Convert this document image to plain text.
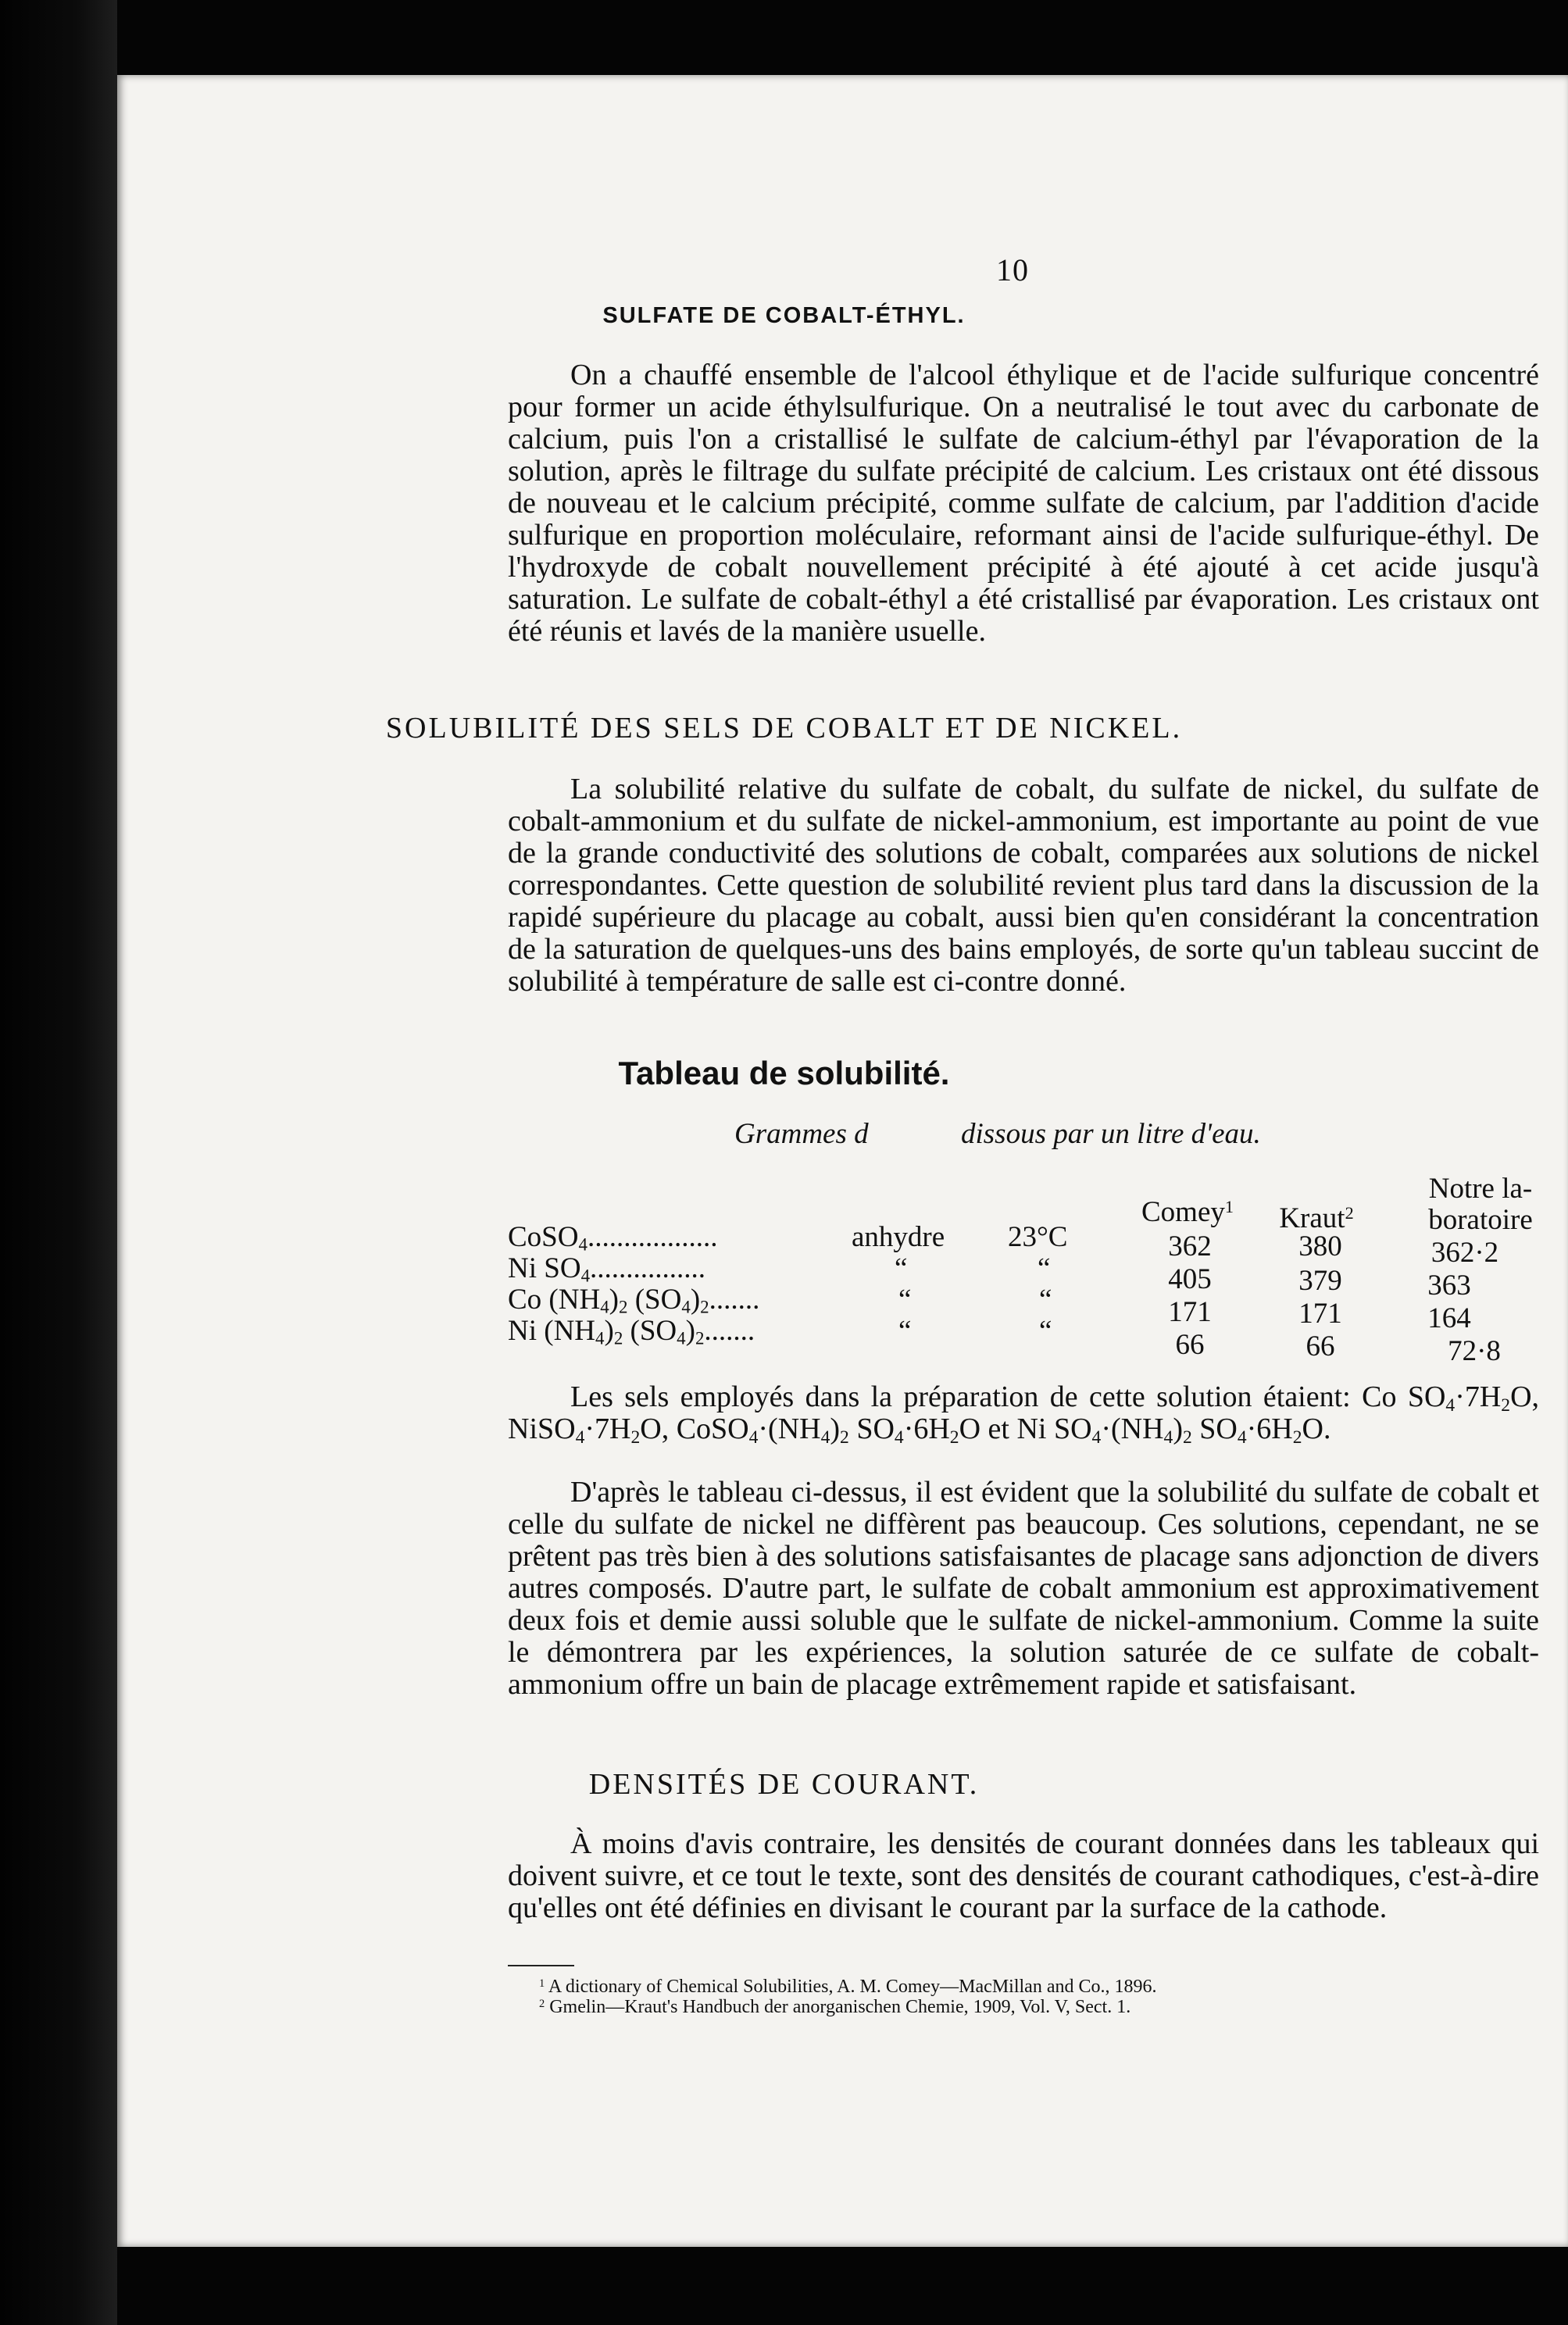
10
SULFATE DE COBALT-ÉTHYL.

On a chauffé ensemble de l'alcool éthylique et de l'acide sulfurique concentré pour former un acide éthylsulfurique. On a neutralisé le tout avec du carbonate de calcium, puis l'on a cristallisé le sulfate de calcium-éthyl par l'évaporation de la solution, après le filtrage du sulfate précipité de calcium. Les cristaux ont été dissous de nouveau et le calcium précipité, comme sulfate de calcium, par l'addition d'acide sulfurique en proportion moléculaire, reformant ainsi de l'acide sulfurique-éthyl. De l'hydroxyde de cobalt nouvellement précipité à été ajouté à cet acide jusqu'à saturation. Le sulfate de cobalt-éthyl a été cristallisé par évaporation. Les cristaux ont été réunis et lavés de la manière usuelle.

SOLUBILITÉ DES SELS DE COBALT ET DE NICKEL.

La solubilité relative du sulfate de cobalt, du sulfate de nickel, du sulfate de cobalt-ammonium et du sulfate de nickel-ammonium, est importante au point de vue de la grande conductivité des solutions de cobalt, comparées aux solutions de nickel correspondantes. Cette question de solubilité revient plus tard dans la discussion de la rapidé supérieure du placage au cobalt, aussi bien qu'en considérant la concentration de la saturation de quelques-uns des bains employés, de sorte qu'un tableau succint de solubilité à température de salle est ci-contre donné.

Tableau de solubilité.
Grammes d	dissous par un litre d'eau.
Comey$^1$	Kraut$^2$
Notre la-
boratoire
CoSO$_4$..................	anhydre 23°C	362	380	362·2
Ni $SO_4$................	“	“	405	379	363
Co $(NH_4)_2$ $(SO_4)_2$.......	“	“	171	171	164
Ni $(NH_4)_2$ $(SO_4)_2$.......	“	“	66	66	72·8

Les sels employés dans la préparation de cette solution étaient: Co $SO_4\cdot 7H_2O$, $NiSO_4\cdot 7H_2O$, $CoSO_4\cdot(NH_4)_2$ $SO_4\cdot 6H_2O$ et Ni $SO_4\cdot(NH_4)_2$ $SO_4\cdot 6H_2O$.

D'après le tableau ci-dessus, il est évident que la solubilité du sulfate de cobalt et celle du sulfate de nickel ne diffèrent pas beaucoup. Ces solutions, cependant, ne se prêtent pas très bien à des solutions satisfaisantes de placage sans adjonction de divers autres composés. D'autre part, le sulfate de cobalt ammonium est approximativement deux fois et demie aussi soluble que le sulfate de nickel-ammonium. Comme la suite le démontrera par les expériences, la solution saturée de ce sulfate de cobalt-ammonium offre un bain de placage extrêmement rapide et satisfaisant.

DENSITÉS DE COURANT.

À moins d'avis contraire, les densités de courant données dans les tableaux qui doivent suivre, et ce tout le texte, sont des densités de courant cathodiques, c'est-à-dire qu'elles ont été définies en divisant le courant par la surface de la cathode.

$^1$ A dictionary of Chemical Solubilities, A. M. Comey—MacMillan and Co., 1896.
$^2$ Gmelin—Kraut's Handbuch der anorganischen Chemie, 1909, Vol. V, Sect. 1.
